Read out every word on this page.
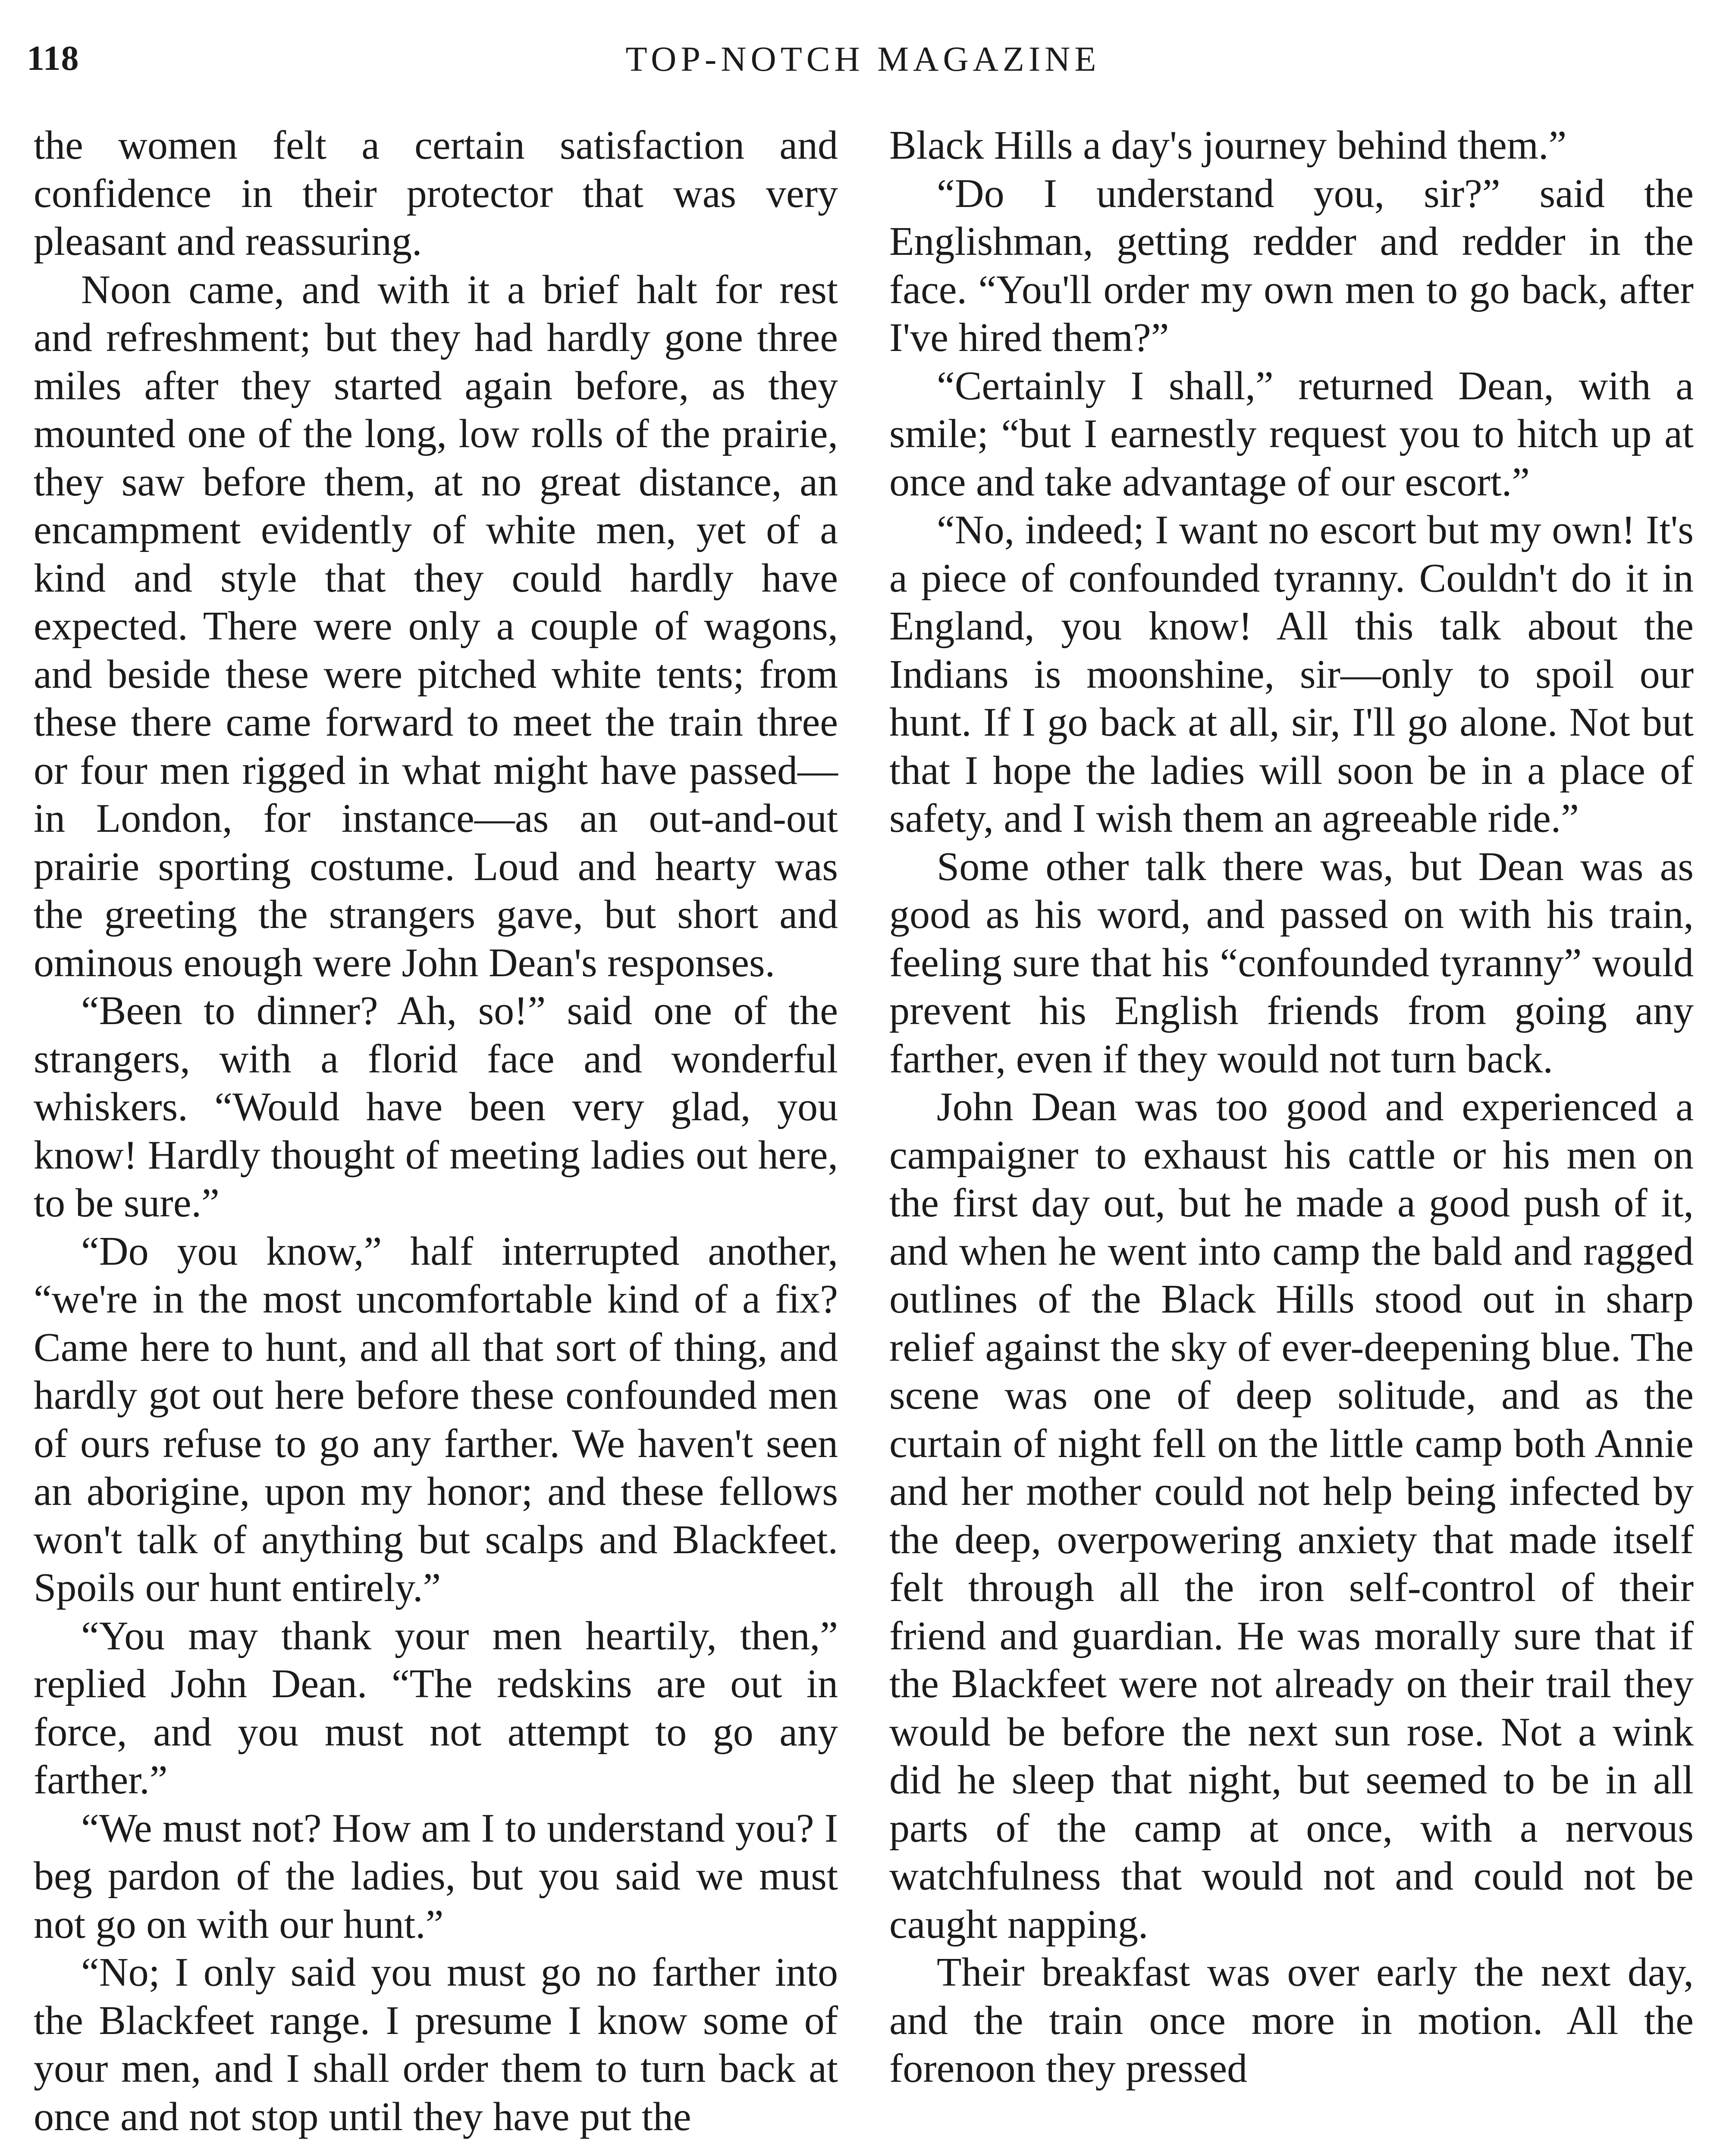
118	TOP-NOTCH MAGAZINE

the women felt a certain satisfaction and confidence in their protector that was very pleasant and reassuring.

Noon came, and with it a brief halt for rest and refreshment; but they had hardly gone three miles after they started again before, as they mounted one of the long, low rolls of the prairie, they saw before them, at no great distance, an encampment evidently of white men, yet of a kind and style that they could hardly have expected. There were only a couple of wagons, and beside these were pitched white tents; from these there came forward to meet the train three or four men rigged in what might have passed—in London, for instance—as an out-and-out prairie sporting costume. Loud and hearty was the greeting the strangers gave, but short and ominous enough were John Dean's responses.

“Been to dinner? Ah, so!” said one of the strangers, with a florid face and wonderful whiskers. “Would have been very glad, you know! Hardly thought of meeting ladies out here, to be sure.”

“Do you know,” half interrupted another, “we're in the most uncomfortable kind of a fix? Came here to hunt, and all that sort of thing, and hardly got out here before these confounded men of ours refuse to go any farther. We haven't seen an aborigine, upon my honor; and these fellows won't talk of anything but scalps and Blackfeet. Spoils our hunt entirely.”

“You may thank your men heartily, then,” replied John Dean. “The redskins are out in force, and you must not attempt to go any farther.”

“We must not? How am I to understand you? I beg pardon of the ladies, but you said we must not go on with our hunt.”

“No; I only said you must go no farther into the Blackfeet range. I presume I know some of your men, and I shall order them to turn back at once and not stop until they have put the

Black Hills a day's journey behind them.”

“Do I understand you, sir?” said the Englishman, getting redder and redder in the face. “You'll order my own men to go back, after I've hired them?”

“Certainly I shall,” returned Dean, with a smile; “but I earnestly request you to hitch up at once and take advantage of our escort.”

“No, indeed; I want no escort but my own! It's a piece of confounded tyranny. Couldn't do it in England, you know! All this talk about the Indians is moonshine, sir—only to spoil our hunt. If I go back at all, sir, I'll go alone. Not but that I hope the ladies will soon be in a place of safety, and I wish them an agreeable ride.”

Some other talk there was, but Dean was as good as his word, and passed on with his train, feeling sure that his “confounded tyranny” would prevent his English friends from going any farther, even if they would not turn back.

John Dean was too good and experienced a campaigner to exhaust his cattle or his men on the first day out, but he made a good push of it, and when he went into camp the bald and ragged outlines of the Black Hills stood out in sharp relief against the sky of ever-deepening blue. The scene was one of deep solitude, and as the curtain of night fell on the little camp both Annie and her mother could not help being infected by the deep, overpowering anxiety that made itself felt through all the iron self-control of their friend and guardian. He was morally sure that if the Blackfeet were not already on their trail they would be before the next sun rose. Not a wink did he sleep that night, but seemed to be in all parts of the camp at once, with a nervous watchfulness that would not and could not be caught napping.

Their breakfast was over early the next day, and the train once more in motion. All the forenoon they pressed
